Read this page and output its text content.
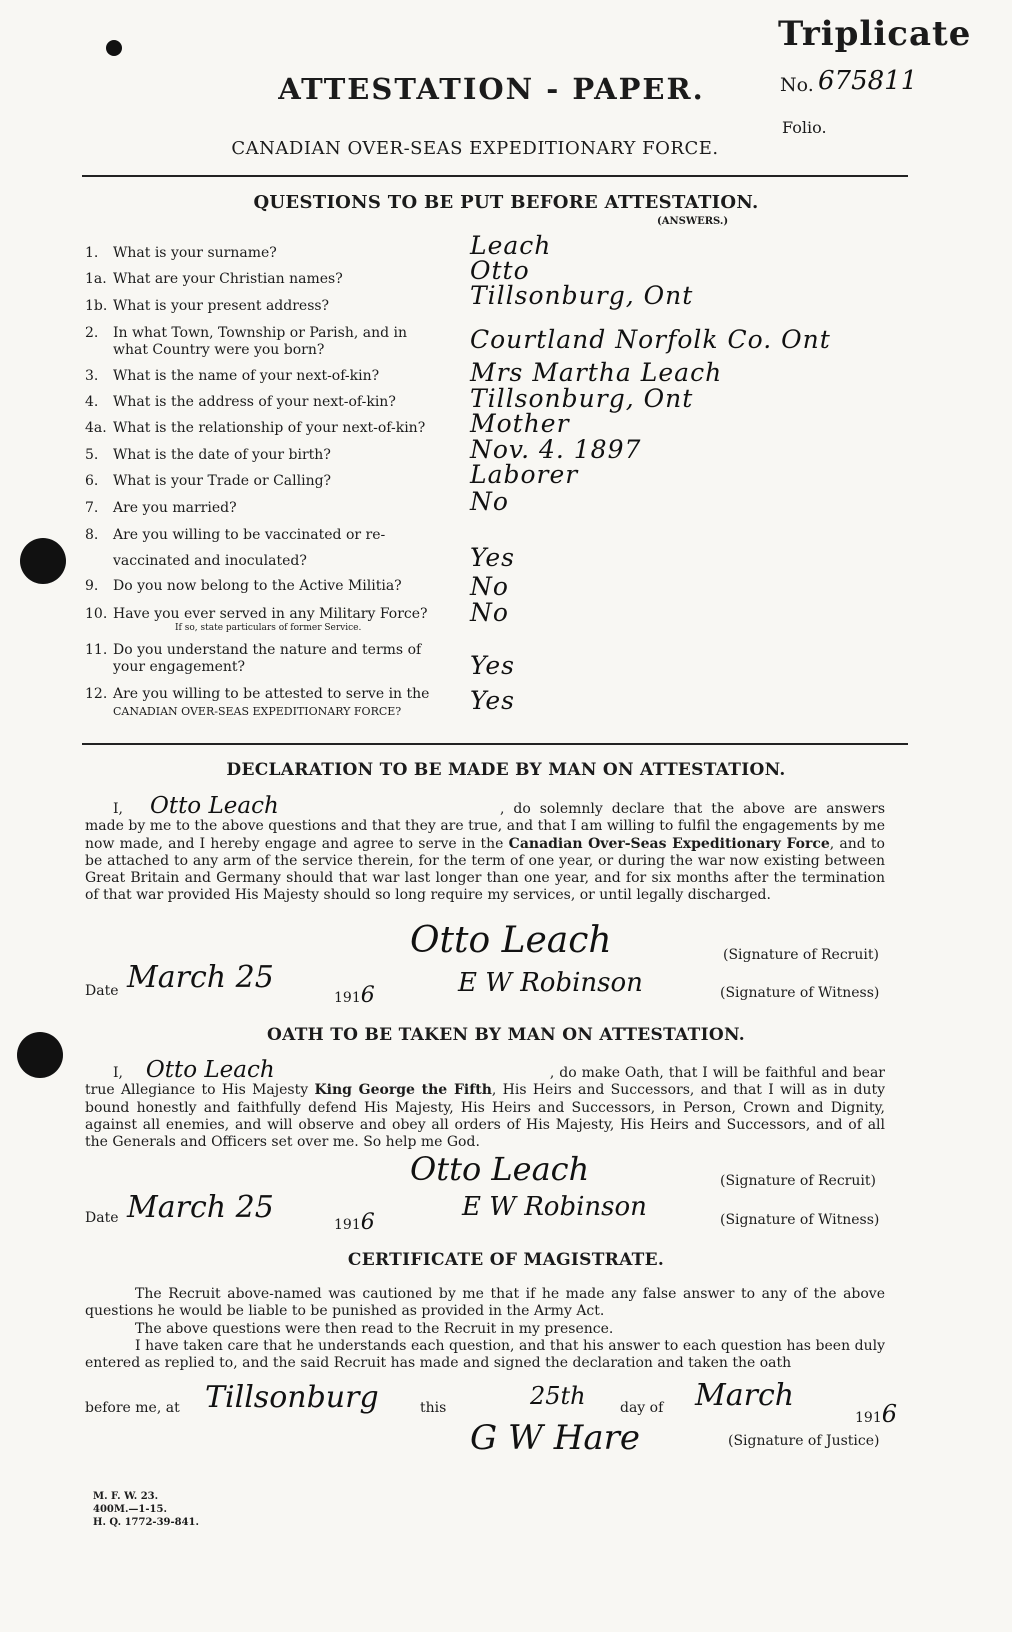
Triplicate
No. 675811
Folio.
ATTESTATION - PAPER.
CANADIAN OVER-SEAS EXPEDITIONARY FORCE.
QUESTIONS TO BE PUT BEFORE ATTESTATION.
(ANSWERS.)
1. What is your surname?	Leach
1a. What are your Christian names?	Otto
1b. What is your present address?	Tillsonburg, Ont
2. In what Town, Township or Parish, and in
what Country were you born?	Courtland Norfolk Co. Ont
3. What is the name of your next-of-kin?	Mrs Martha Leach
4. What is the address of your next-of-kin?	Tillsonburg, Ont
4a. What is the relationship of your next-of-kin? Mother
5. What is the date of your birth?	Nov. 4. 1897
6. What is your Trade or Calling?	Laborer
7. Are you married?	No
8. Are you willing to be vaccinated or re-
vaccinated and inoculated?	Yes
9. Do you now belong to the Active Militia?	No
10. Have you ever served in any Military Force?
If so, state particulars of former Service.
No
11. Do you understand the nature and terms of
your engagement?	Yes
12. Are you willing to be attested to serve in the
CANADIAN OVER-SEAS EXPEDITIONARY FORCE?	Yes
DECLARATION TO BE MADE BY MAN ON ATTESTATION.
I, Otto Leach	, do solemnly declare that the above are answers made by me to the above questions and that they are true, and that I am willing to fulfil the engagements by me now made, and I hereby engage and agree to serve in the Canadian Over-Seas Expeditionary Force, and to be attached to any arm of the service therein, for the term of one year, or during the war now existing between Great Britain and Germany should that war last longer than one year, and for six months after the termination of that war provided His Majesty should so long require my services, or until legally discharged.
Otto Leach	(Signature of Recruit)
Date March 25
1916	E W Robinson	(Signature of Witness)
OATH TO BE TAKEN BY MAN ON ATTESTATION.
I, Otto Leach	, do make Oath, that I will be faithful and bear true Allegiance to His Majesty King George the Fifth, His Heirs and Successors, and that I will as in duty bound honestly and faithfully defend His Majesty, His Heirs and Successors, in Person, Crown and Dignity, against all enemies, and will observe and obey all orders of His Majesty, His Heirs and Successors, and of all the Generals and Officers set over me. So help me God.
Otto Leach	(Signature of Recruit)
Date March 25	1916
E W Robinson	(Signature of Witness)
CERTIFICATE OF MAGISTRATE.
The Recruit above-named was cautioned by me that if he made any false answer to any of the above questions he would be liable to be punished as provided in the Army Act.
The above questions were then read to the Recruit in my presence.
I have taken care that he understands each question, and that his answer to each question has been duly entered as replied to, and the said Recruit has made and signed the declaration and taken the oath
before me, at Tillsonburg	this	25th day of March
1916
G W Hare	(Signature of Justice)
M. F. W. 23.
400M.—1-15.
H. Q. 1772-39-841.
